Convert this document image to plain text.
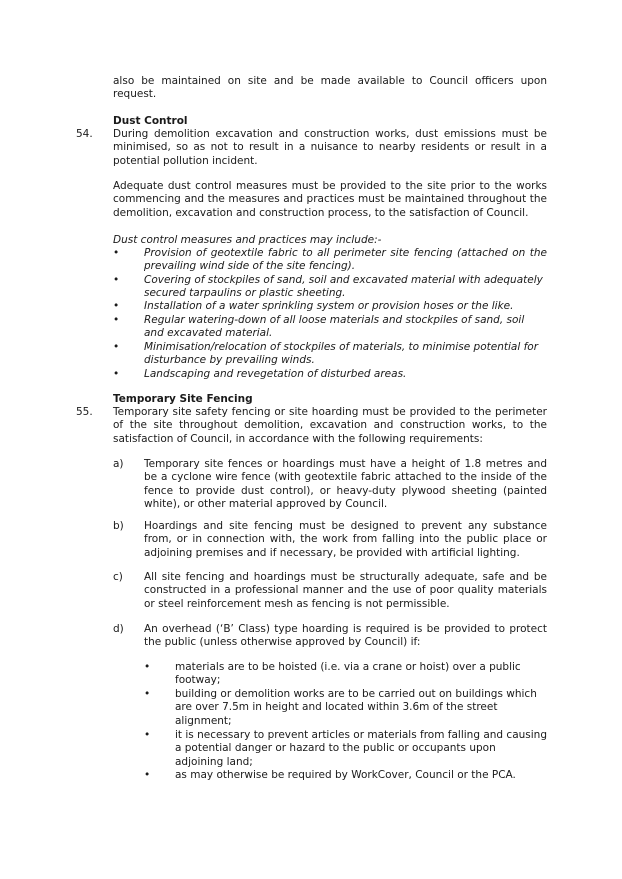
also be maintained on site and be made available to Council officers upon request.

Dust Control

54. During demolition excavation and construction works, dust emissions must be minimised, so as not to result in a nuisance to nearby residents or result in a potential pollution incident.

Adequate dust control measures must be provided to the site prior to the works commencing and the measures and practices must be maintained throughout the demolition, excavation and construction process, to the satisfaction of Council.

Dust control measures and practices may include:-

• Provision of geotextile fabric to all perimeter site fencing (attached on the prevailing wind side of the site fencing).

• Covering of stockpiles of sand, soil and excavated material with adequately secured tarpaulins or plastic sheeting.

• Installation of a water sprinkling system or provision hoses or the like.

• Regular watering-down of all loose materials and stockpiles of sand, soil and excavated material.

• Minimisation/relocation of stockpiles of materials, to minimise potential for disturbance by prevailing winds.

• Landscaping and revegetation of disturbed areas.

Temporary Site Fencing

55. Temporary site safety fencing or site hoarding must be provided to the perimeter of the site throughout demolition, excavation and construction works, to the satisfaction of Council, in accordance with the following requirements:

a) Temporary site fences or hoardings must have a height of 1.8 metres and be a cyclone wire fence (with geotextile fabric attached to the inside of the fence to provide dust control), or heavy-duty plywood sheeting (painted white), or other material approved by Council.

b) Hoardings and site fencing must be designed to prevent any substance from, or in connection with, the work from falling into the public place or adjoining premises and if necessary, be provided with artificial lighting.

c) All site fencing and hoardings must be structurally adequate, safe and be constructed in a professional manner and the use of poor quality materials or steel reinforcement mesh as fencing is not permissible.

d) An overhead (‘B’ Class) type hoarding is required is be provided to protect the public (unless otherwise approved by Council) if:

• materials are to be hoisted (i.e. via a crane or hoist) over a public footway;

• building or demolition works are to be carried out on buildings which are over 7.5m in height and located within 3.6m of the street alignment;

• it is necessary to prevent articles or materials from falling and causing a potential danger or hazard to the public or occupants upon adjoining land;

• as may otherwise be required by WorkCover, Council or the PCA.
